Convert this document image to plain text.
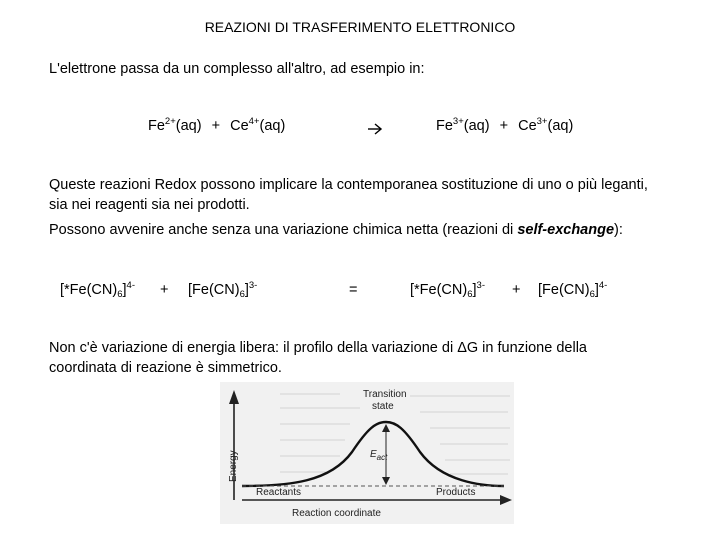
REAZIONI DI TRASFERIMENTO ELETTRONICO
L'elettrone passa da un complesso all'altro, ad esempio in:
$Fe^{2+}(aq) + Ce^{4+}(aq)$	$Fe^{3+}(aq) + Ce^{3+}(aq)$
Queste reazioni Redox possono implicare la contemporanea sostituzione di uno o più leganti, sia nei reagenti sia nei prodotti.
Possono avvenire anche senza una variazione chimica netta (reazioni di self-exchange):
$[*Fe(CN)_6]^{4-} + [Fe(CN)_6]^{3-}$	=	$[*Fe(CN)_6]^{3-} + [Fe(CN)_6]^{4-}$
Non c'è variazione di energia libera: il profilo della variazione di ΔG in funzione della
coordinata di reazione è simmetrico.
Energy
Reaction coordinate
$E_{act}$
Transition
state
Reactants	Products
